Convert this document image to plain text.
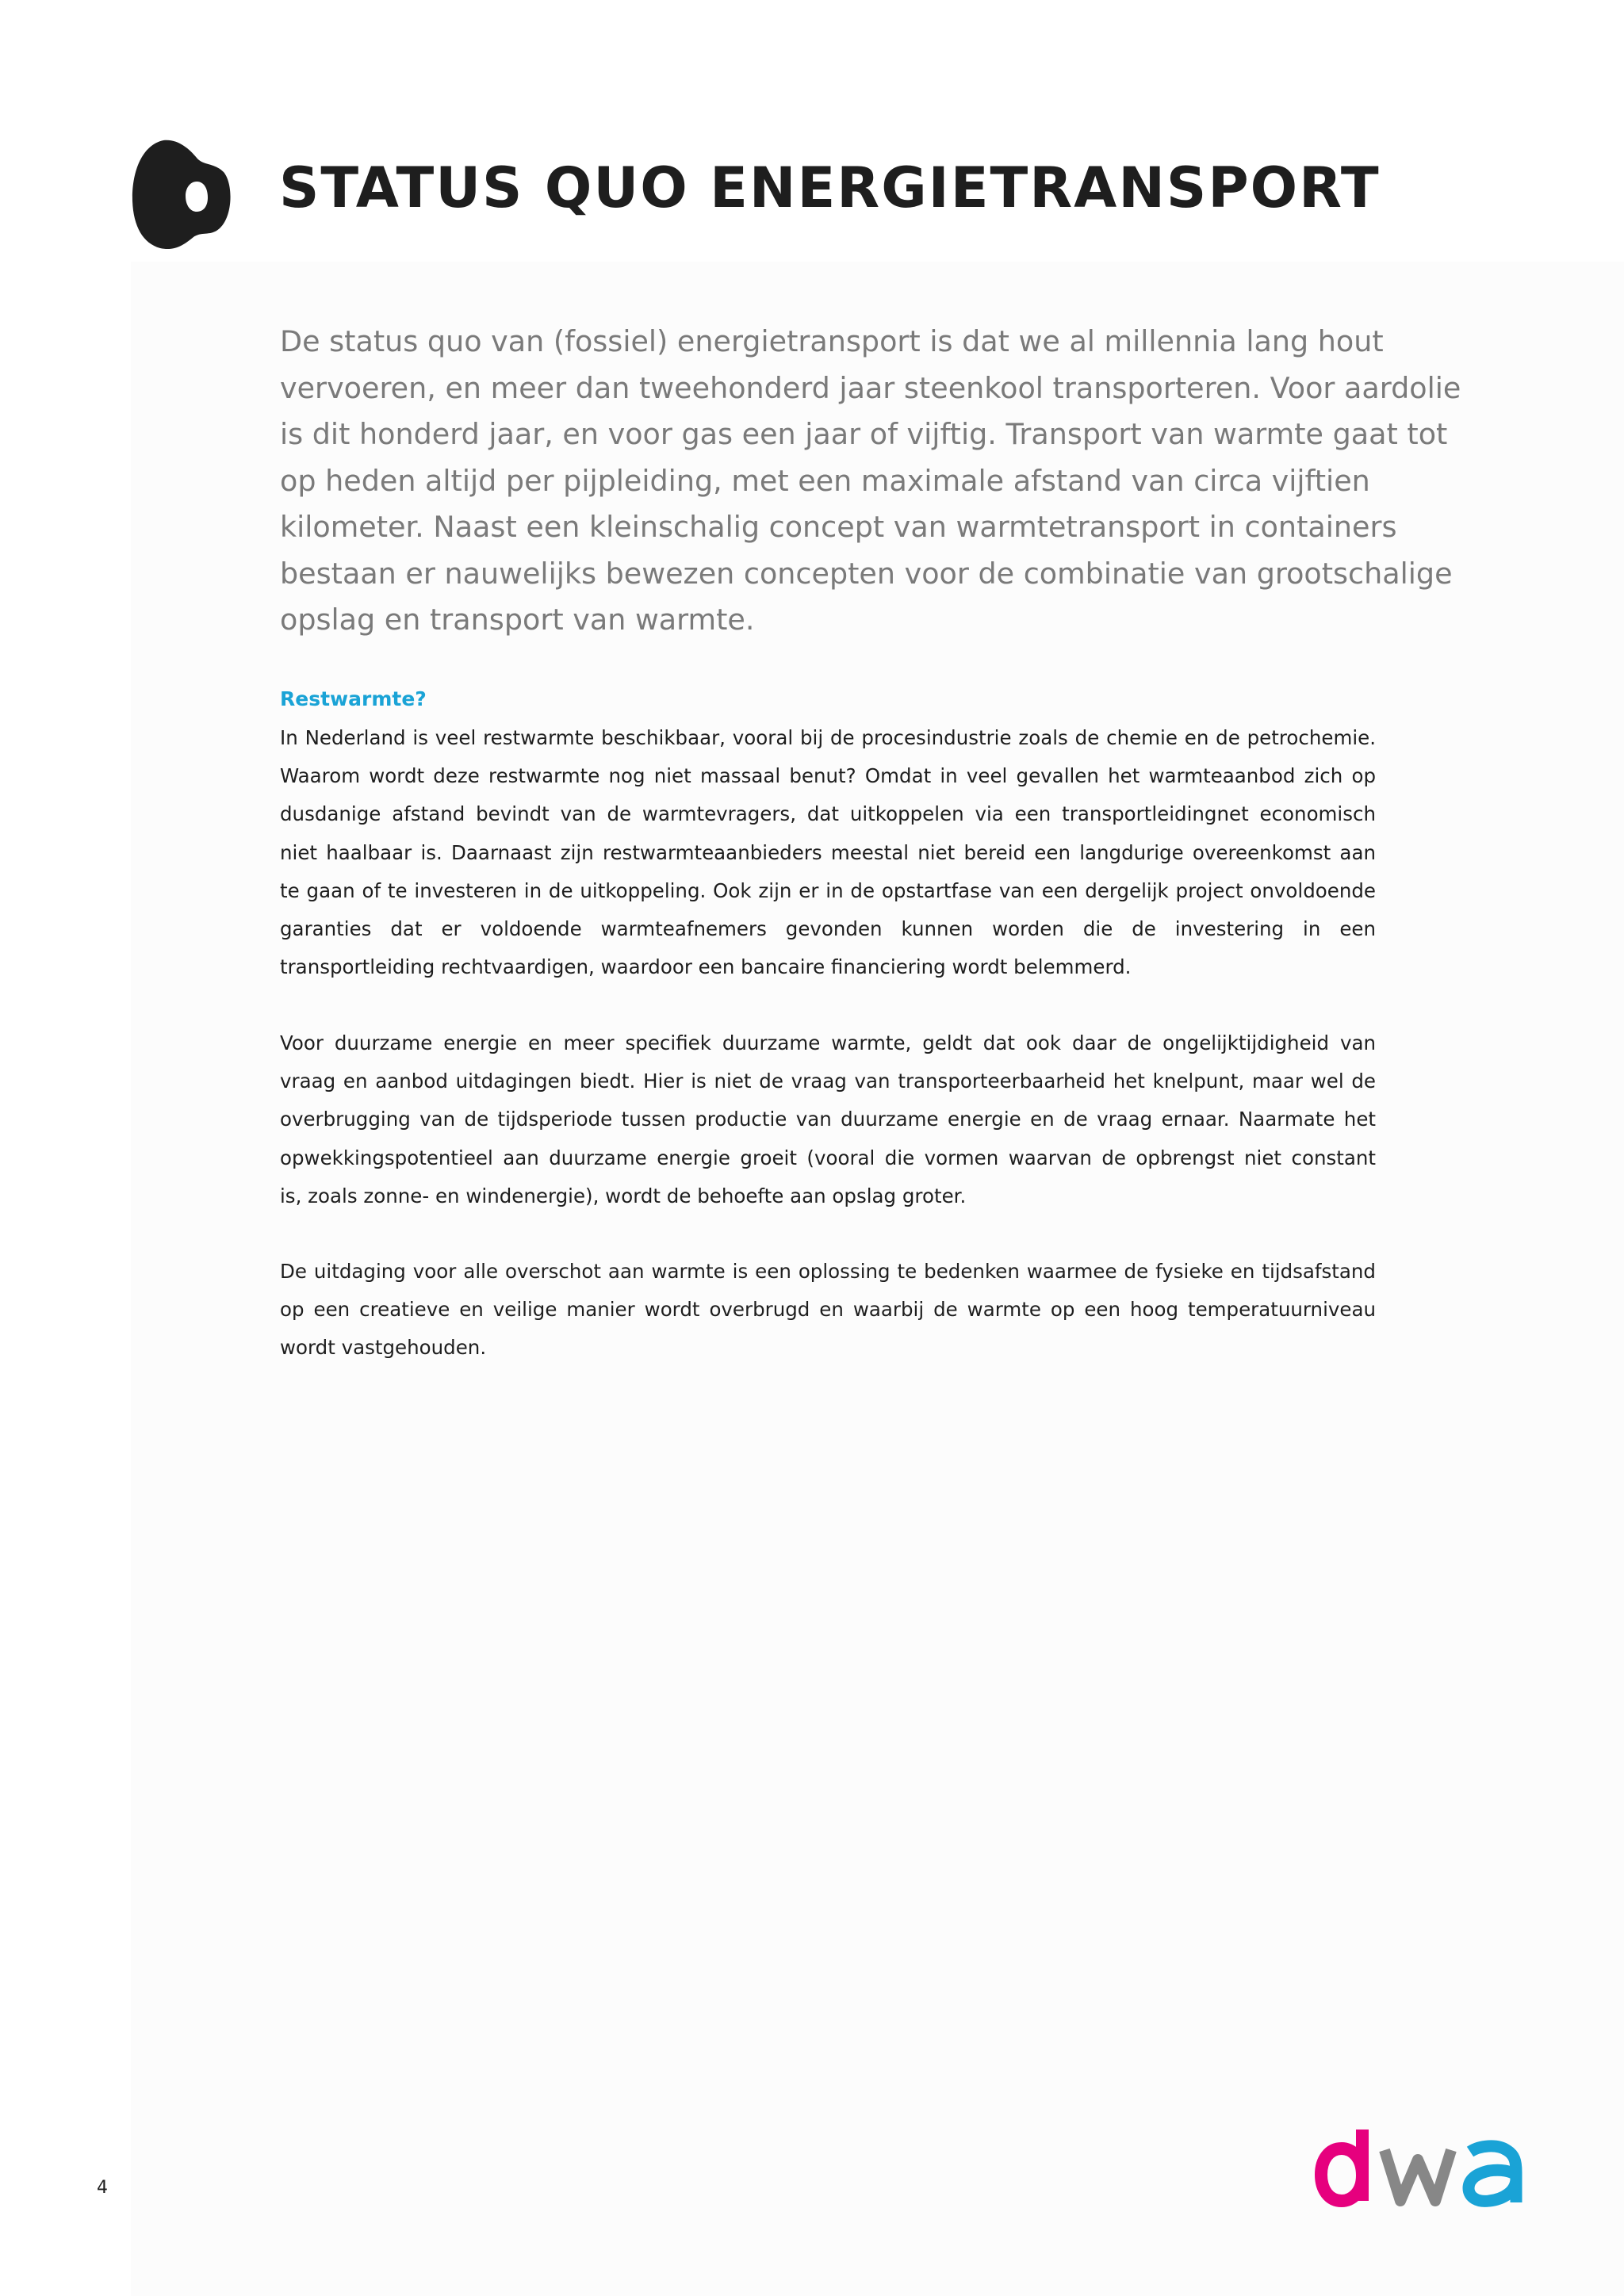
STATUS QUO ENERGIETRANSPORT

De status quo van (fossiel) energietransport is dat we al millennia lang hout
vervoeren, en meer dan tweehonderd jaar steenkool transporteren. Voor aardolie
is dit honderd jaar, en voor gas een jaar of vijftig. Transport van warmte gaat tot
op heden altijd per pijpleiding, met een maximale afstand van circa vijftien
kilometer. Naast een kleinschalig concept van warmtetransport in containers
bestaan er nauwelijks bewezen concepten voor de combinatie van grootschalige
opslag en transport van warmte.

Restwarmte?

In Nederland is veel restwarmte beschikbaar, vooral bij de procesindustrie zoals de chemie en de petrochemie.
Waarom wordt deze restwarmte nog niet massaal benut? Omdat in veel gevallen het warmteaanbod zich op
dusdanige afstand bevindt van de warmtevragers, dat uitkoppelen via een transportleidingnet economisch
niet haalbaar is. Daarnaast zijn restwarmteaanbieders meestal niet bereid een langdurige overeenkomst aan
te gaan of te investeren in de uitkoppeling. Ook zijn er in de opstartfase van een dergelijk project onvoldoende
garanties dat er voldoende warmteafnemers gevonden kunnen worden die de investering in een
transportleiding rechtvaardigen, waardoor een bancaire financiering wordt belemmerd.

Voor duurzame energie en meer specifiek duurzame warmte, geldt dat ook daar de ongelijktijdigheid van
vraag en aanbod uitdagingen biedt. Hier is niet de vraag van transporteerbaarheid het knelpunt, maar wel de
overbrugging van de tijdsperiode tussen productie van duurzame energie en de vraag ernaar. Naarmate het
opwekkingspotentieel aan duurzame energie groeit (vooral die vormen waarvan de opbrengst niet constant
is, zoals zonne- en windenergie), wordt de behoefte aan opslag groter.

De uitdaging voor alle overschot aan warmte is een oplossing te bedenken waarmee de fysieke en tijdsafstand
op een creatieve en veilige manier wordt overbrugd en waarbij de warmte op een hoog temperatuurniveau
wordt vastgehouden.

4
